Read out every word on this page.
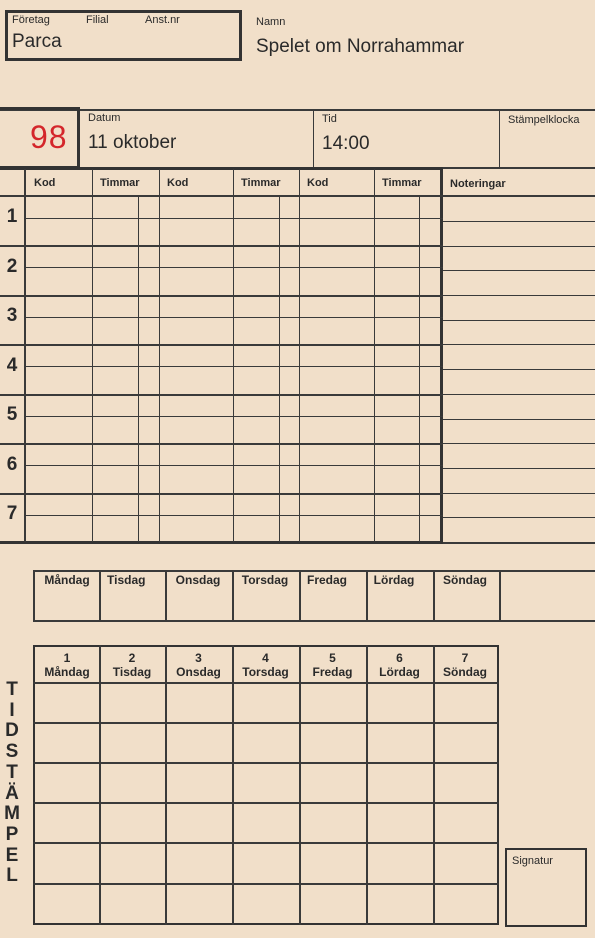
Företag	Filial	Anst.nr
Parca
Namn
Spelet om Norrahammar
98
Datum
11 oktober
Tid
14:00
Stämpelklocka
Kod	Timmar Kod	Timmar Kod	Timmar	Noteringar
1
2
3
4
5
6
7
T
I
D
S
T
Ä
M
P
E
L
Signatur
Måndag	Tisdag	Onsdag	Torsdag	Fredag	Lördag	Söndag
1
Måndag
2
Tisdag
3
Onsdag
4
Torsdag
5
Fredag
6
Lördag
7
Söndag
